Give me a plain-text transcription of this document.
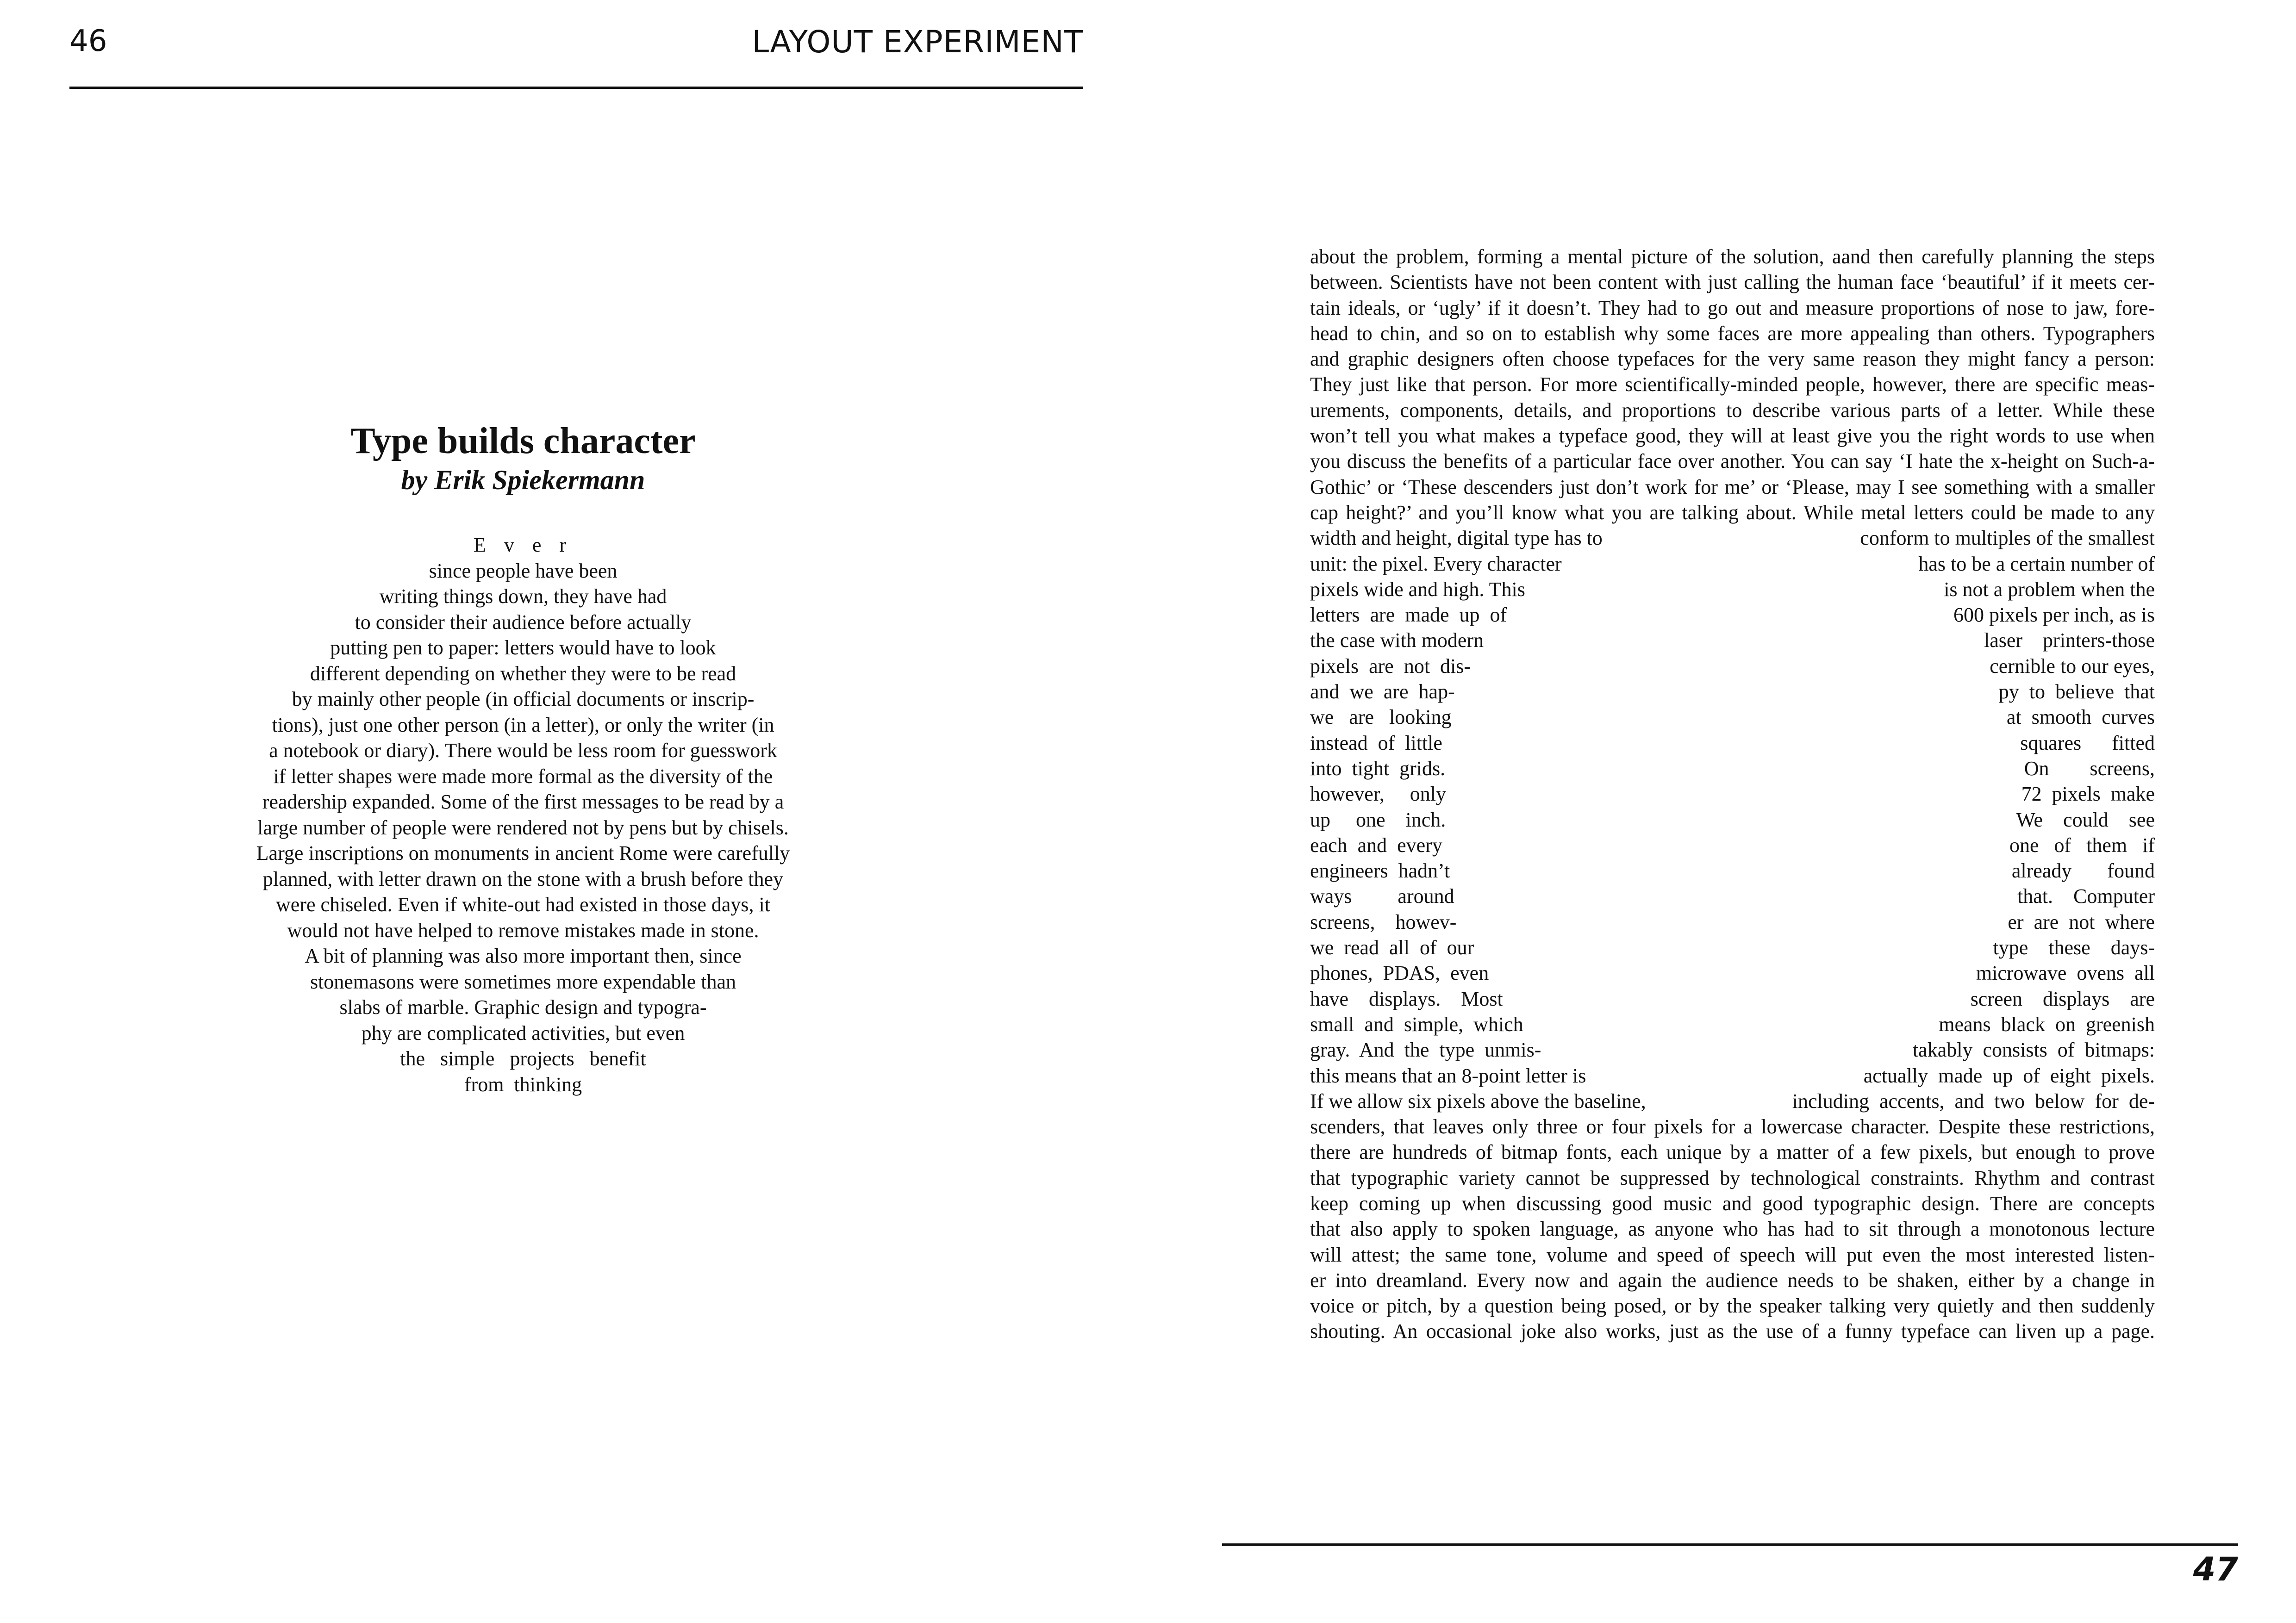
46	LAYOUT EXPERIMENT
Type builds character
by Erik Spiekermann
E v e r
since people have been
writing things down, they have had
to consider their audience before actually
putting pen to paper: letters would have to look
different depending on whether they were to be read
by mainly other people (in official documents or inscrip-
tions), just one other person (in a letter), or only the writer (in
a notebook or diary). There would be less room for guesswork
if letter shapes were made more formal as the diversity of the
readership expanded. Some of the first messages to be read by a
large number of people were rendered not by pens but by chisels.
Large inscriptions on monuments in ancient Rome were carefully
planned, with letter drawn on the stone with a brush before they
were chiseled. Even if white-out had existed in those days, it
would not have helped to remove mistakes made in stone.
A bit of planning was also more important then, since
stonemasons were sometimes more expendable than
slabs of marble. Graphic design and typogra-
phy are complicated activities, but even
the   simple   projects   benefit
from  thinking
about the problem, forming a mental picture of the solution, aand then carefully planning the steps
between. Scientists have not been content with just calling the human face ‘beautiful’ if it meets cer-
tain ideals, or ‘ugly’ if it doesn’t. They had to go out and measure proportions of nose to jaw, fore-
head to chin, and so on to establish why some faces are more appealing than others. Typographers
and graphic designers often choose typefaces for the very same reason they might fancy a person:
They just like that person. For more scientifically-minded people, however, there are specific meas-
urements, components, details, and proportions to describe various parts of a letter. While these
won’t tell you what makes a typeface good, they will at least give you the right words to use when
you discuss the benefits of a particular face over another. You can say ‘I hate the x-height on Such-a-
Gothic’ or ‘These descenders just don’t work for me’ or ‘Please, may I see something with a smaller
cap height?’ and you’ll know what you are talking about. While metal letters could be made to any
width and height, digital type has to	conform to multiples of the smallest
unit: the pixel. Every character	has to be a certain number of
pixels wide and high. This	is not a problem when the
letters  are  made  up  of	600 pixels per inch, as is
the case with modern	laser    printers-those
pixels  are  not  dis-	cernible to our eyes,
and  we  are  hap-	py  to  believe  that
we   are   looking	at  smooth  curves
instead  of  little	squares      fitted
into  tight  grids.	On        screens,
however,     only	72  pixels  make
up     one    inch.	We    could    see
each  and  every	one   of   them   if
engineers  hadn’t	already       found
ways         around	that.    Computer
screens,    howev-	er  are  not  where
we  read  all  of  our	type    these    days-
phones,  PDAS,  even	microwave  ovens  all
have    displays.    Most	screen    displays    are
small  and  simple,  which	means  black  on  greenish
gray.  And  the  type  unmis-	takably  consists  of  bitmaps:
this means that an 8-point letter is	actually  made  up  of  eight  pixels.
If we allow six pixels above the baseline,	including  accents,  and  two  below  for  de-
scenders, that leaves only three or four pixels for a lowercase character. Despite these restrictions,
there are hundreds of bitmap fonts, each unique by a matter of a few pixels, but enough to prove
that typographic variety cannot be suppressed by technological constraints. Rhythm and contrast
keep coming up when discussing good music and good typographic design. There are concepts
that also apply to spoken language, as anyone who has had to sit through a monotonous lecture
will attest; the same tone, volume and speed of speech will put even the most interested listen-
er into dreamland. Every now and again the audience needs to be shaken, either by a change in
voice or pitch, by a question being posed, or by the speaker talking very quietly and then suddenly
shouting. An occasional joke also works, just as the use of a funny typeface can liven up a page.
47
